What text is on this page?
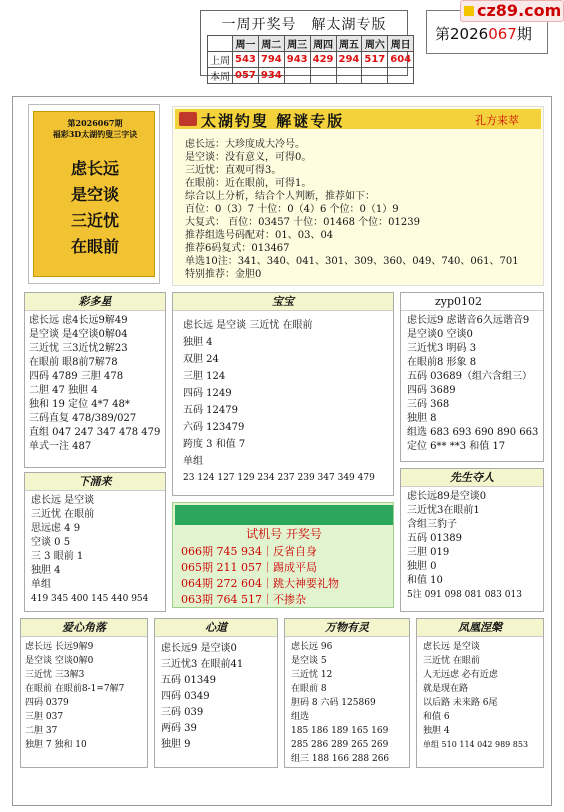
一周开奖号　解太湖专版
	周一	周二	周三	周四	周五	周六	周日
上周	543	794	943	429	294	517	604
本周	057	934					
第2026067期
cz89.com
第2026067期
福彩3D太湖钓叟三字诀
虑长远
是空谈
三近忧
在眼前
太湖钓叟 解谜专版	孔方来萃
虑长远：大珍度成大冷号。
是空谈：没有意义，可得0。
三近忧：直观可得3。
在眼前：近在眼前，可得1。
综合以上分析，结合个人判断，推荐如下：
百位：0（3）7 十位：0（4）6 个位：0（1）9
大复式： 百位：03457 十位：01468 个位：01239
推荐组选号码配对：01、03、04
推荐6码复式：013467
单选10注：341、340、041、301、309、360、049、740、061、701
特别推荐：金胆0
彩多星
虑长远 虑4长远9解49
是空谈 是4空谈0解04
三近忧 三3近忧2解23
在眼前 眼8前7解78
四码 4789 三胆 478
二胆 47 独胆 4
独和 19 定位 4*7 48*
三码直复 478/389/027
直组 047 247 347 478 479
单式一注 487
宝宝
虑长远 是空谈 三近忧 在眼前
独胆 4
双胆 24
三胆 124
四码 1249
五码 12479
六码 123479
跨度 3 和值 7
单组
23 124 127 129 234 237 239 347 349 479
zyp0102
虑长远9 虑谐音6久远谐音9
是空谈0 空谈0
三近忧3 明码 3
在眼前8 形象 8
五码 03689（组六含组三）
四码 3689
三码 368
独胆 8
组选 683 693 690 890 663
定位 6** **3 和值 17
下涌来
虑长远 是空谈
三近忧 在眼前
思远虑 4 9
空谈 0 5
三 3 眼前 1
独胆 4
单组
419 345 400 145 440 954
试机号 开奖号
066期 745 934｜反省自身
065期 211 057｜踢成平局
064期 272 604｜跳大神要礼物
063期 764 517｜不掺杂
先生夺人
虑长远89是空谈0
三近忧3在眼前1
含组三豹子
五码 01389
三胆 019
独胆 0
和值 10
5注 091 098 081 083 013
爱心角落
虑长远 长远9解9
是空谈 空谈0解0
三近忧 三3解3
在眼前 在眼前8-1=7解7
四码 0379
三胆 037
二胆 37
独胆 7 独和 10
心道
虑长远9 是空谈0
三近忧3 在眼前41
五码 01349
四码 0349
三码 039
两码 39
独胆 9
万物有灵
虑长远 96
是空谈 5
三近忧 12
在眼前 8
胆码 8 六码 125869
组选
185 186 189 165 169
285 286 289 265 269
组三 188 166 288 266
凤凰涅槃
虑长远 是空谈
三近忧 在眼前
人无远虑 必有近虑
就是现在路
以后路 未来路 6尾
和值 6
独胆 4
单组 510 114 042 989 853
